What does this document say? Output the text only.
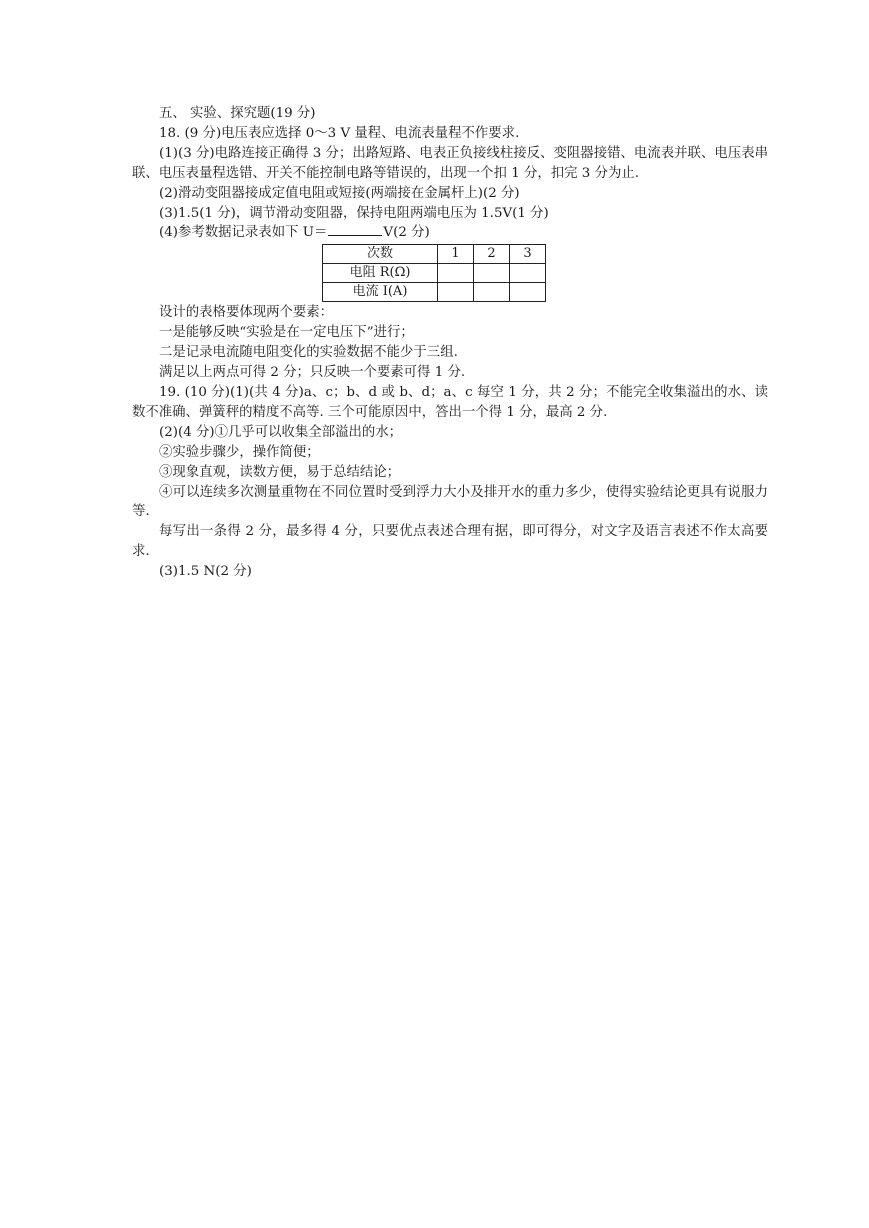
五、 实验、探究题(19 分)

18. (9 分)电压表应选择 0～3 V 量程、电流表量程不作要求.

(1)(3 分)电路连接正确得 3 分；出路短路、电表正负接线柱接反、变阻器接错、电流表并联、电压表串联、电压表量程选错、开关不能控制电路等错误的，出现一个扣 1 分，扣完 3 分为止.

(2)滑动变阻器接成定值电阻或短接(两端接在金属杆上)(2 分)

(3)1.5(1 分)，调节滑动变阻器，保持电阻两端电压为 1.5V(1 分)

(4)参考数据记录表如下 U＝	V(2 分)

次数	1	2	3
电阻 R(Ω)			
电流 I(A)			

设计的表格要体现两个要素：

一是能够反映“实验是在一定电压下”进行；

二是记录电流随电阻变化的实验数据不能少于三组.

满足以上两点可得 2 分；只反映一个要素可得 1 分.

19. (10 分)(1)(共 4 分)a、c；b、d 或 b、d；a、c 每空 1 分，共 2 分；不能完全收集溢出的水、读数不准确、弹簧秤的精度不高等. 三个可能原因中，答出一个得 1 分，最高 2 分.

(2)(4 分)①几乎可以收集全部溢出的水；

②实验步骤少，操作简便；

③现象直观，读数方便，易于总结结论；

④可以连续多次测量重物在不同位置时受到浮力大小及排开水的重力多少，使得实验结论更具有说服力等.

每写出一条得 2 分，最多得 4 分，只要优点表述合理有据，即可得分，对文字及语言表述不作太高要求.

(3)1.5 N(2 分)
